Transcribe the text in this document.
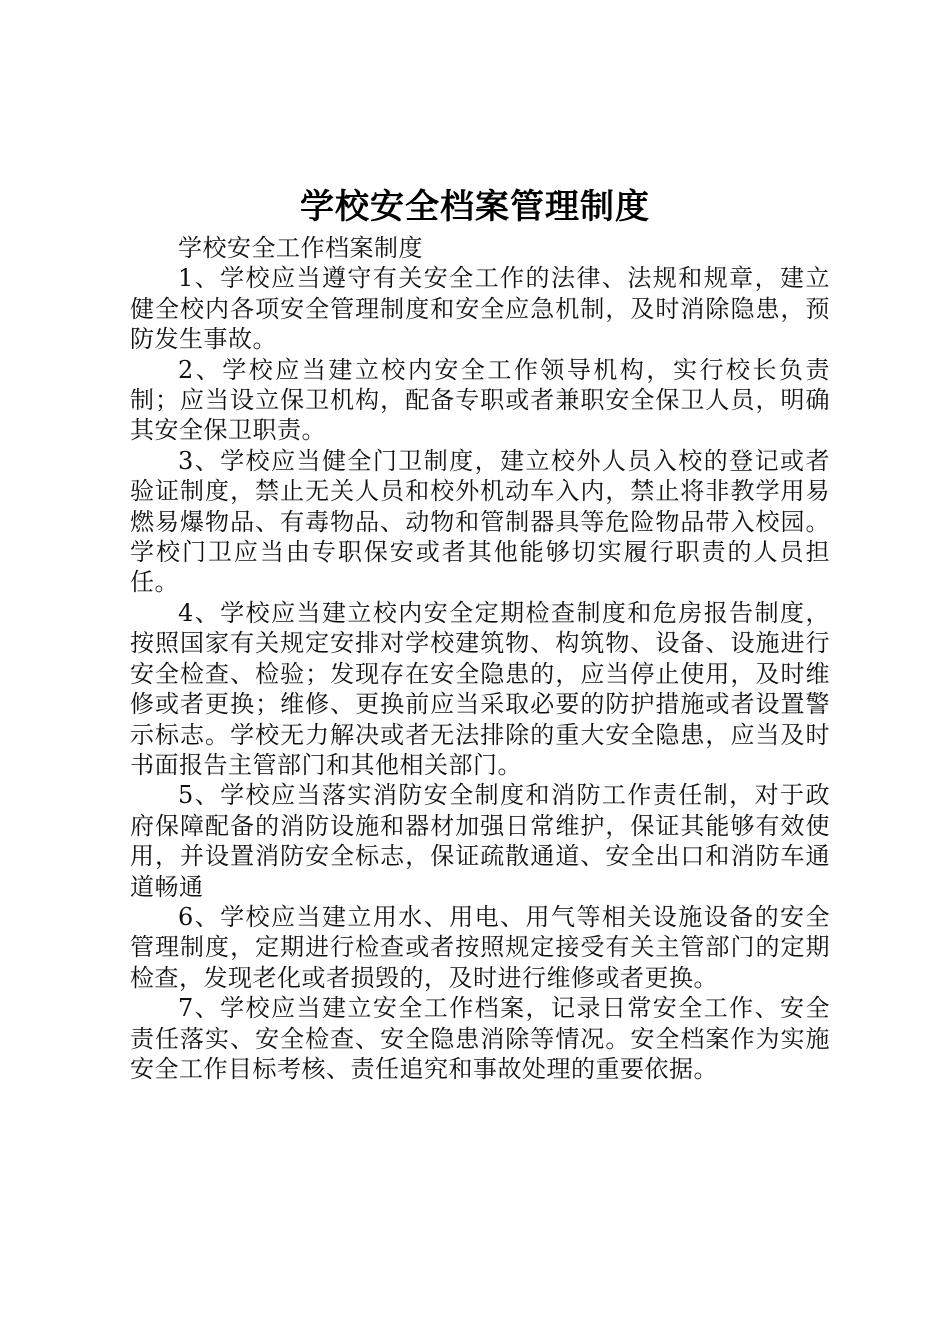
学校安全档案管理制度

学校安全工作档案制度

1、学校应当遵守有关安全工作的法律、法规和规章，建立健全校内各项安全管理制度和安全应急机制，及时消除隐患，预防发生事故。

2、学校应当建立校内安全工作领导机构，实行校长负责制；应当设立保卫机构，配备专职或者兼职安全保卫人员，明确其安全保卫职责。

3、学校应当健全门卫制度，建立校外人员入校的登记或者验证制度，禁止无关人员和校外机动车入内，禁止将非教学用易燃易爆物品、有毒物品、动物和管制器具等危险物品带入校园。学校门卫应当由专职保安或者其他能够切实履行职责的人员担任。

4、学校应当建立校内安全定期检查制度和危房报告制度，按照国家有关规定安排对学校建筑物、构筑物、设备、设施进行安全检查、检验；发现存在安全隐患的，应当停止使用，及时维修或者更换；维修、更换前应当采取必要的防护措施或者设置警示标志。学校无力解决或者无法排除的重大安全隐患，应当及时书面报告主管部门和其他相关部门。

5、学校应当落实消防安全制度和消防工作责任制，对于政府保障配备的消防设施和器材加强日常维护，保证其能够有效使用，并设置消防安全标志，保证疏散通道、安全出口和消防车通道畅通

6、学校应当建立用水、用电、用气等相关设施设备的安全管理制度，定期进行检查或者按照规定接受有关主管部门的定期检查，发现老化或者损毁的，及时进行维修或者更换。

7、学校应当建立安全工作档案，记录日常安全工作、安全责任落实、安全检查、安全隐患消除等情况。安全档案作为实施安全工作目标考核、责任追究和事故处理的重要依据。
